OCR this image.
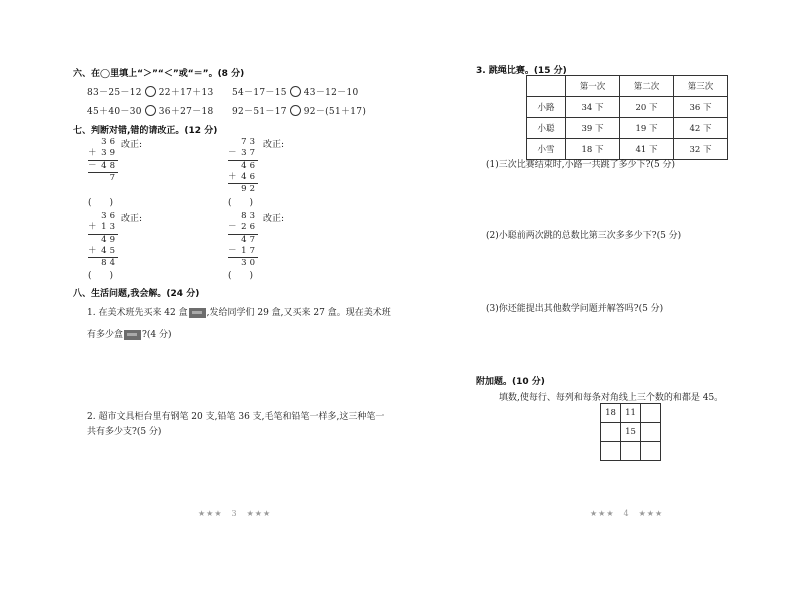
六、在◯里填上“＞”“＜”或“＝”。(8 分)
83－25－12 22＋17＋13 54－17－15 43－12－10
45＋40－30 36＋27－18 92－51－17 92－(51＋17)
七、判断对错,错的请改正。(12 分)
36
＋ 39
－ 48
7
改正:
(　　)
73
－ 37
46
＋ 46
92
改正:
(　　)
36
＋ 13
49
＋ 45
84
改正:
(　　)
83
－ 26
47
－ 17
30
改正:
(　　)
八、生活问题,我会解。(24 分)
1. 在美术班先买来 42 盒 ,发给同学们 29 盒,又买来 27 盒。现在美术班
有多少盒 ?(4 分)
2. 超市文具柜台里有钢笔 20 支,铅笔 36 支,毛笔和铅笔一样多,这三种笔一
共有多少支?(5 分)
★★★　3　★★★
3. 跳绳比赛。(15 分)
	第一次	第二次	第三次
小路	34 下	20 下	36 下
小聪	39 下	19 下	42 下
小雪	18 下	41 下	32 下
(1)三次比赛结束时,小路一共跳了多少下?(5 分)
(2)小聪前两次跳的总数比第三次多多少下?(5 分)
(3)你还能提出其他数学问题并解答吗?(5 分)
附加题。(10 分)
填数,使每行、每列和每条对角线上三个数的和都是 45。
18	11	
	15	

★★★　4　★★★
